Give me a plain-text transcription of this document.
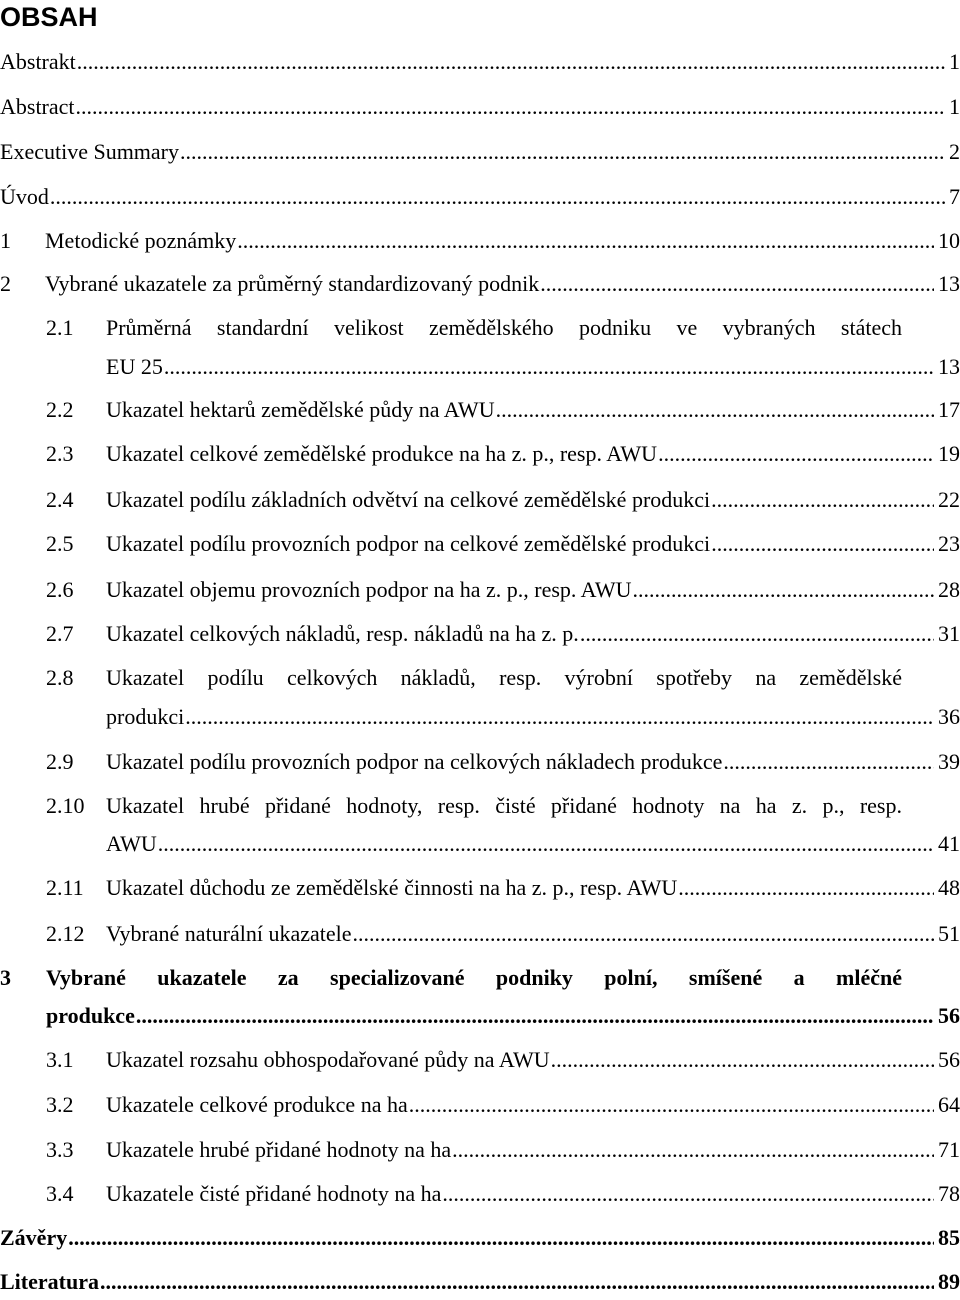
OBSAH
Abstrakt .....	1
Abstract .....	1
Executive Summary .....	2
Úvod .....	7
1 Metodické poznámky .....	10
2 Vybrané ukazatele za průměrný standardizovaný podnik .....	13
2.1 Průměrná standardní velikost zemědělského podniku ve vybraných státech
EU 25 .....	13
2.2 Ukazatel hektarů zemědělské půdy na AWU .....	17
2.3 Ukazatel celkové zemědělské produkce na ha z. p., resp. AWU .....	19
2.4 Ukazatel podílu základních odvětví na celkové zemědělské produkci .....	22
2.5 Ukazatel podílu provozních podpor na celkové zemědělské produkci .....	23
2.6 Ukazatel objemu provozních podpor na ha z. p., resp. AWU .....	28
2.7 Ukazatel celkových nákladů, resp. nákladů na ha z. p. .....	31
2.8 Ukazatel podílu celkových nákladů, resp. výrobní spotřeby na zemědělské
produkci .....	36
2.9 Ukazatel podílu provozních podpor na celkových nákladech produkce .....	39
2.10 Ukazatel hrubé přidané hodnoty, resp. čisté přidané hodnoty na ha z. p., resp.
AWU .....	41
2.11 Ukazatel důchodu ze zemědělské činnosti na ha z. p., resp. AWU .....	48
2.12 Vybrané naturální ukazatele .....	51
3 Vybrané ukazatele za specializované podniky polní, smíšené a mléčné
produkce .....	56
3.1 Ukazatel rozsahu obhospodařované půdy na AWU .....	56
3.2 Ukazatele celkové produkce na ha .....	64
3.3 Ukazatele hrubé přidané hodnoty na ha .....	71
3.4 Ukazatele čisté přidané hodnoty na ha .....	78
Závěry .....	85
Literatura .....	89
